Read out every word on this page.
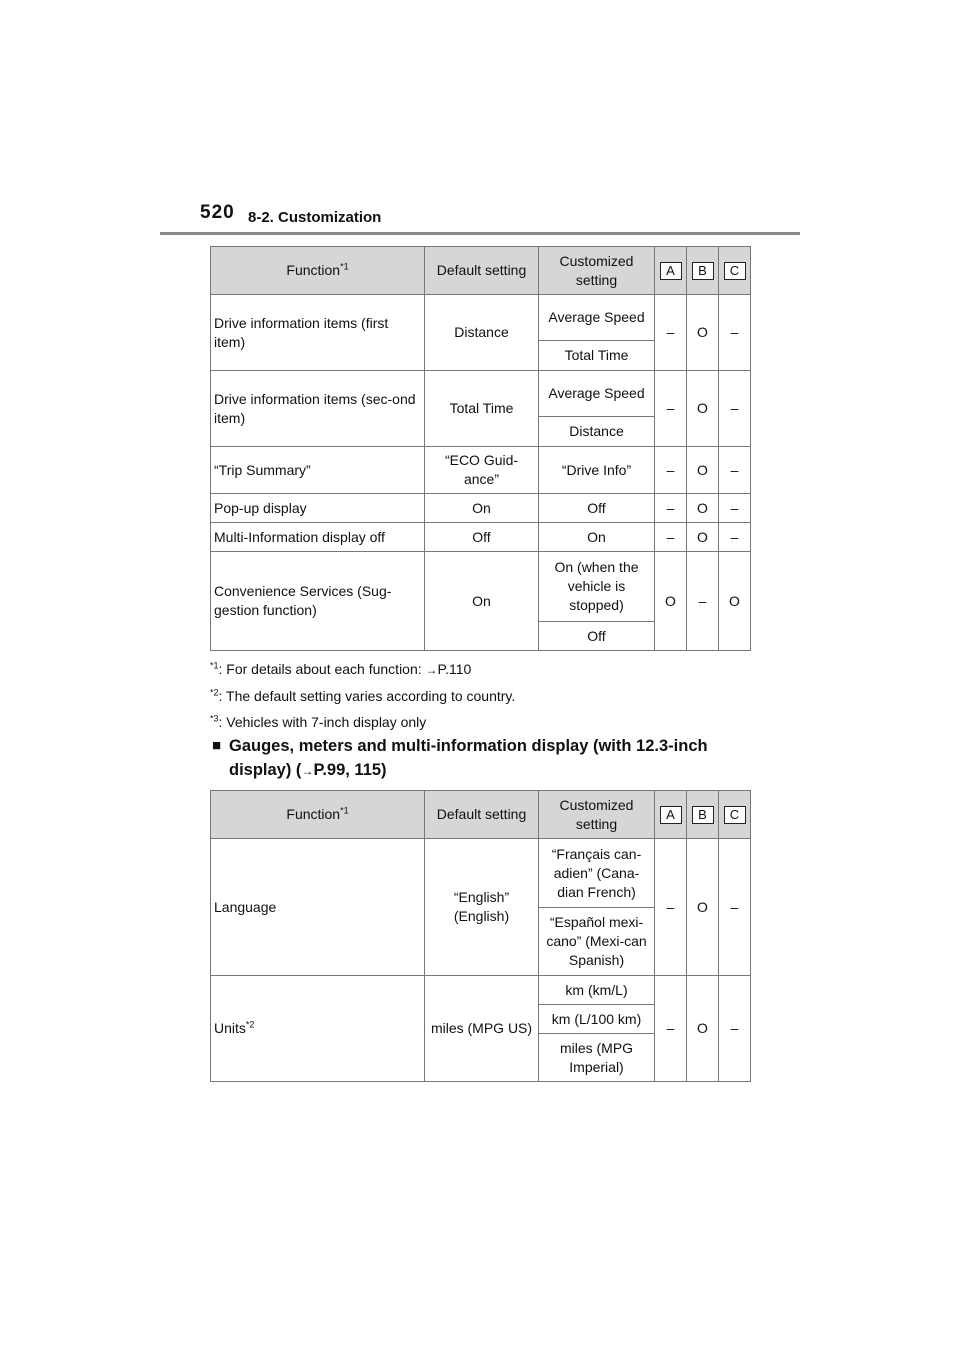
520 8-2. Customization
Function$^{*1}$	Default setting	Customized setting	A	B	C
Drive information items (first item)	Distance	Average Speed	–	O	–
		Total Time			
Drive information items (sec-ond item)	Total Time	Average Speed	–	O	–
		Distance			
“Trip Summary”	“ECO Guid-ance”	“Drive Info”	–	O	–
Pop-up display	On	Off	–	O	–
Multi-Information display off	Off	On	–	O	–
Convenience Services (Sug-gestion function)	On	On (when the vehicle is stopped)	O	–	O
		Off			
$^{*1}$: For details about each function: →P.110
$^{*2}$: The default setting varies according to country.
$^{*3}$: Vehicles with 7-inch display only
■ Gauges, meters and multi-information display (with 12.3-inch display) (→P.99, 115)
Function$^{*1}$	Default setting	Customized setting	A	B	C
Language	“English” (English)	“Français can-adien” (Cana-dian French)	–	O	–
		“Español mexi-cano” (Mexi-can Spanish)			
Units$^{*2}$	miles (MPG US)	km (km/L)	–	O	–
		km (L/100 km)			
		miles (MPG Imperial)			
